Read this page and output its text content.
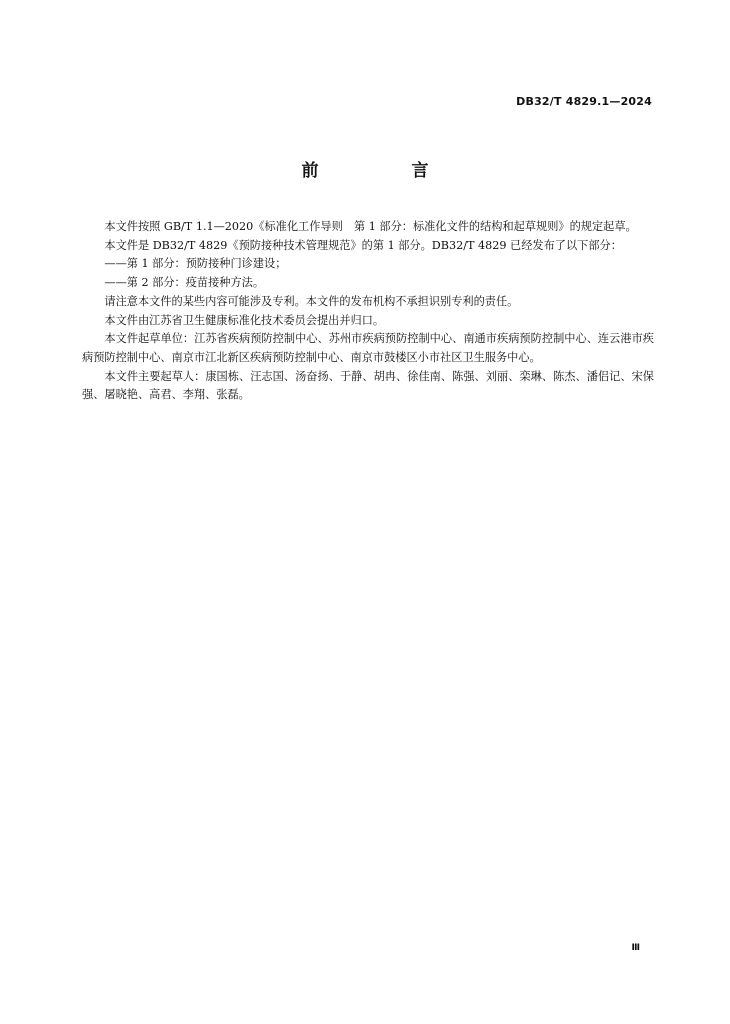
DB32/T 4829.1—2024
前　言

本文件按照 GB/T 1.1—2020《标准化工作导则　第 1 部分：标准化文件的结构和起草规则》的规定起草。

本文件是 DB32/T 4829《预防接种技术管理规范》的第 1 部分。DB32/T 4829 已经发布了以下部分：

——第 1 部分：预防接种门诊建设；

——第 2 部分：疫苗接种方法。

请注意本文件的某些内容可能涉及专利。本文件的发布机构不承担识别专利的责任。

本文件由江苏省卫生健康标准化技术委员会提出并归口。

本文件起草单位：江苏省疾病预防控制中心、苏州市疾病预防控制中心、南通市疾病预防控制中心、连云港市疾病预防控制中心、南京市江北新区疾病预防控制中心、南京市鼓楼区小市社区卫生服务中心。

本文件主要起草人：康国栋、汪志国、汤奋扬、于静、胡冉、徐佳南、陈强、刘丽、栾琳、陈杰、潘侣记、宋保强、屠晓艳、高君、李翔、张磊。

Ⅲ
